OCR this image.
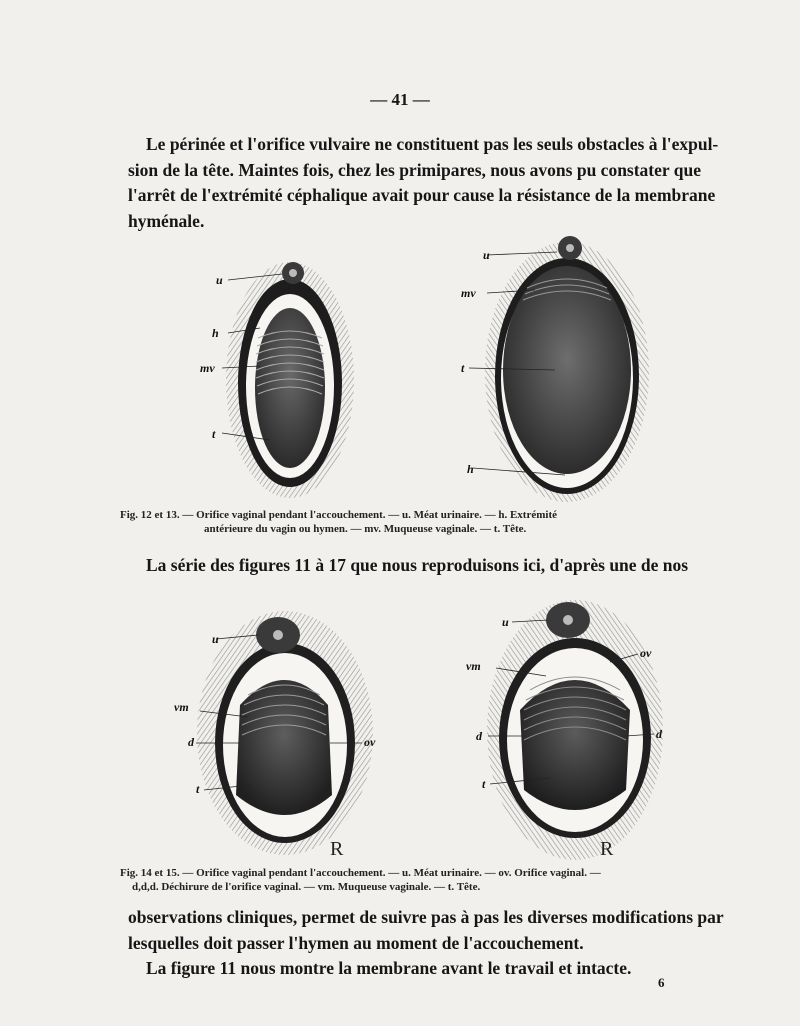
— 41 —
Le périnée et l'orifice vulvaire ne constituent pas les seuls obstacles à l'expul-
sion de la tête. Maintes fois, chez les primipares, nous avons pu constater que
l'arrêt de l'extrémité céphalique avait pour cause la résistance de la membrane
hyménale.
u
h
mv
t
u
mv
t
h
Fig. 12 et 13. — Orifice vaginal pendant l'accouchement. — u. Méat urinaire. — h. Extrémité
antérieure du vagin ou hymen. — mv. Muqueuse vaginale. — t. Tête.
La série des figures 11 à 17 que nous reproduisons ici, d'après une de nos
u
vm
d	ov
t
R
u
vm
ov
d	d
t
R
Fig. 14 et 15. — Orifice vaginal pendant l'accouchement. — u. Méat urinaire. — ov. Orifice vaginal. —
d,d,d. Déchirure de l'orifice vaginal. — vm. Muqueuse vaginale. — t. Tête.
observations cliniques, permet de suivre pas à pas les diverses modifications par
lesquelles doit passer l'hymen au moment de l'accouchement.
La figure 11 nous montre la membrane avant le travail et intacte.
6
